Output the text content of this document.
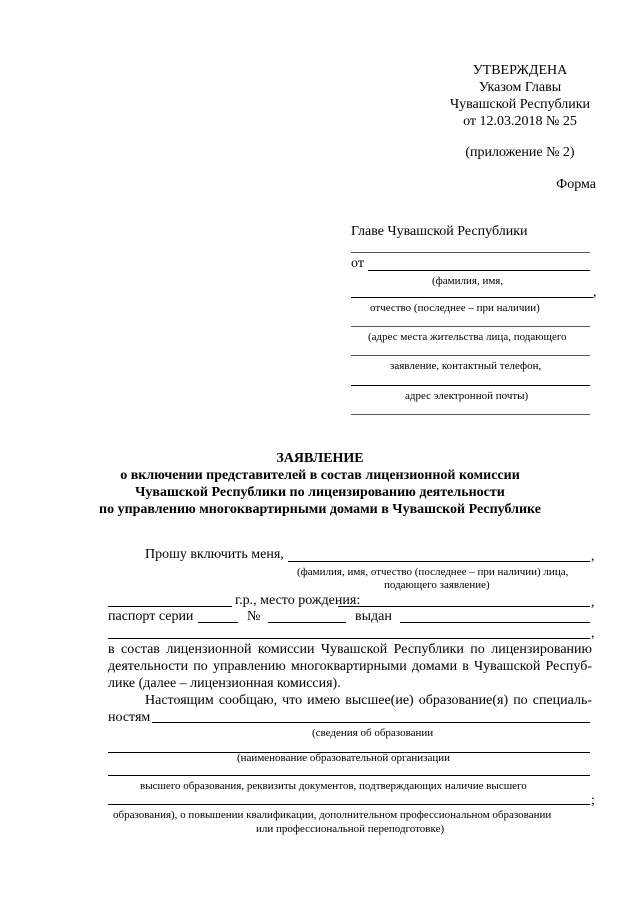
УТВЕРЖДЕНА
Указом Главы
Чувашской Республики
от 12.03.2018 № 25
(приложение № 2)
Форма
Главе Чувашской Республики
от
(фамилия, имя,
,
отчество (последнее – при наличии)
(адрес места жительства лица, подающего
заявление, контактный телефон,
адрес электронной почты)
ЗАЯВЛЕНИЕ
о включении представителей в состав лицензионной комиссии
Чувашской Республики по лицензированию деятельности
по управлению многоквартирными домами в Чувашской Республике
Прошу включить меня,	,
(фамилия, имя, отчество (последнее – при наличии) лица,
подающего заявление)
г.р., место рождения:	,
паспорт серии	№	выдан
,
в состав лицензионной комиссии Чувашской Республики по лицензированию
деятельности по управлению многоквартирными домами в Чувашской Респуб-
лике (далее – лицензионная комиссия).
Настоящим сообщаю, что имею высшее(ие) образование(я) по специаль-
ностям
(сведения об образовании
(наименование образовательной организации
высшего образования, реквизиты документов, подтверждающих наличие высшего
;
образования), о повышении квалификации, дополнительном профессиональном образовании
или профессиональной переподготовке)
